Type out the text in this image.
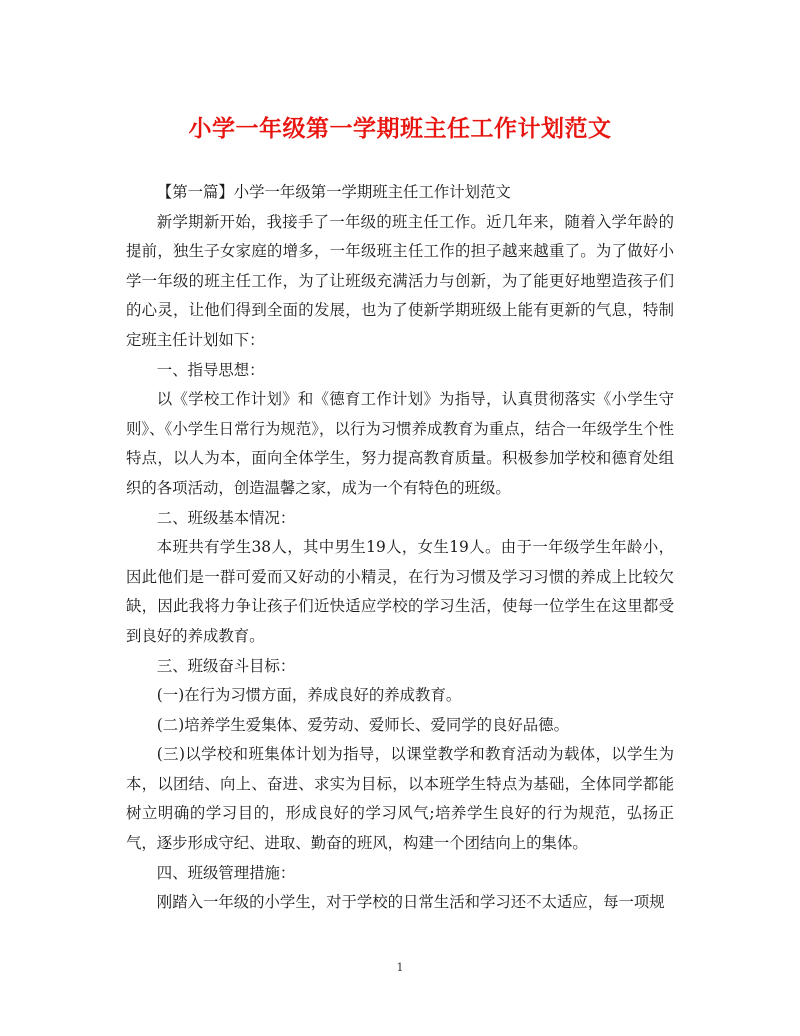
小学一年级第一学期班主任工作计划范文

【第一篇】小学一年级第一学期班主任工作计划范文

新学期新开始，我接手了一年级的班主任工作。近几年来，随着入学年龄的提前，独生子女家庭的增多，一年级班主任工作的担子越来越重了。为了做好小学一年级的班主任工作，为了让班级充满活力与创新，为了能更好地塑造孩子们的心灵，让他们得到全面的发展，也为了使新学期班级上能有更新的气息，特制定班主任计划如下：

一、指导思想：

以《学校工作计划》和《德育工作计划》为指导，认真贯彻落实《小学生守则》、《小学生日常行为规范》，以行为习惯养成教育为重点，结合一年级学生个性特点，以人为本，面向全体学生，努力提高教育质量。积极参加学校和德育处组织的各项活动，创造温馨之家，成为一个有特色的班级。

二、班级基本情况：

本班共有学生38人，其中男生19人，女生19人。由于一年级学生年龄小，因此他们是一群可爱而又好动的小精灵，在行为习惯及学习习惯的养成上比较欠缺，因此我将力争让孩子们近快适应学校的学习生活，使每一位学生在这里都受到良好的养成教育。

三、班级奋斗目标：

(一)在行为习惯方面，养成良好的养成教育。

(二)培养学生爱集体、爱劳动、爱师长、爱同学的良好品德。

(三)以学校和班集体计划为指导，以课堂教学和教育活动为载体，以学生为本，以团结、向上、奋进、求实为目标，以本班学生特点为基础，全体同学都能树立明确的学习目的，形成良好的学习风气;培养学生良好的行为规范，弘扬正气，逐步形成守纪、进取、勤奋的班风，构建一个团结向上的集体。

四、班级管理措施：

刚踏入一年级的小学生，对于学校的日常生活和学习还不太适应，每一项规

1
